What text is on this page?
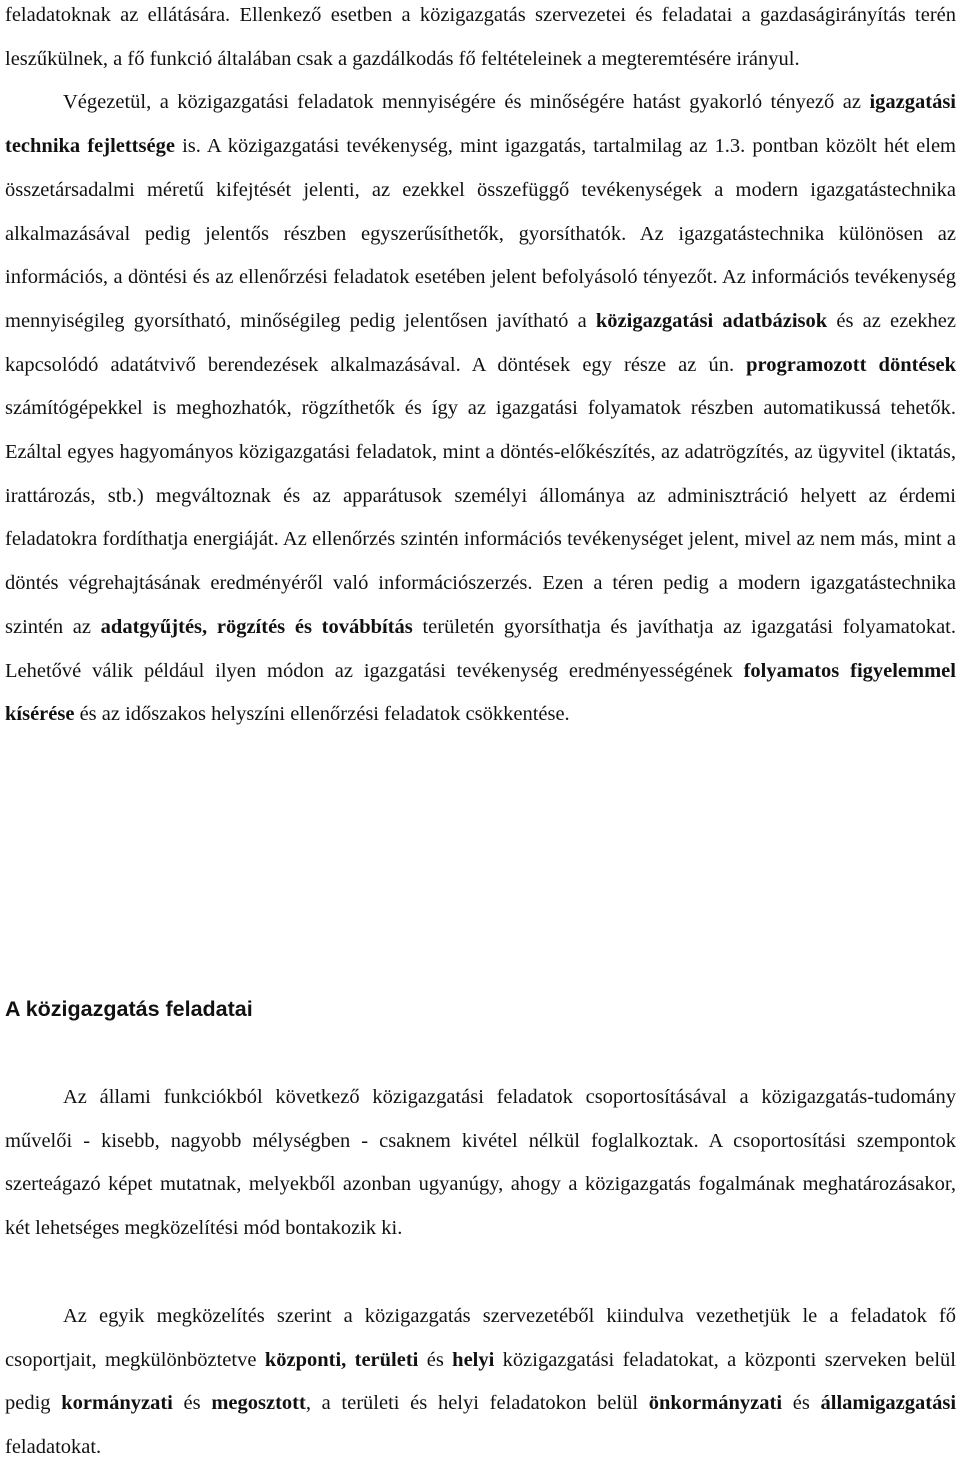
feladatoknak az ellátására. Ellenkező esetben a közigazgatás szervezetei és feladatai a gazdaságirányítás terén leszűkülnek, a fő funkció általában csak a gazdálkodás fő feltételeinek a megteremtésére irányul.

Végezetül, a közigazgatási feladatok mennyiségére és minőségére hatást gyakorló tényező az igazgatási technika fejlettsége is. A közigazgatási tevékenység, mint igazgatás, tartalmilag az 1.3. pontban közölt hét elem összetársadalmi méretű kifejtését jelenti, az ezekkel összefüggő tevékenységek a modern igazgatástechnika alkalmazásával pedig jelentős részben egyszerűsíthetők, gyorsíthatók. Az igazgatástechnika különösen az információs, a döntési és az ellenőrzési feladatok esetében jelent befolyásoló tényezőt. Az információs tevékenység mennyiségileg gyorsítható, minőségileg pedig jelentősen javítható a közigazgatási adatbázisok és az ezekhez kapcsolódó adatátvivő berendezések alkalmazásával. A döntések egy része az ún. programozott döntések számítógépekkel is meghozhatók, rögzíthetők és így az igazgatási folyamatok részben automatikussá tehetők. Ezáltal egyes hagyományos közigazgatási feladatok, mint a döntés-előkészítés, az adatrögzítés, az ügyvitel (iktatás, irattározás, stb.) megváltoznak és az apparátusok személyi állománya az adminisztráció helyett az érdemi feladatokra fordíthatja energiáját. Az ellenőrzés szintén információs tevékenységet jelent, mivel az nem más, mint a döntés végrehajtásának eredményéről való információszerzés. Ezen a téren pedig a modern igazgatástechnika szintén az adatgyűjtés, rögzítés és továbbítás területén gyorsíthatja és javíthatja az igazgatási folyamatokat. Lehetővé válik például ilyen módon az igazgatási tevékenység eredményességének folyamatos figyelemmel kísérése és az időszakos helyszíni ellenőrzési feladatok csökkentése.

A közigazgatás feladatai

Az állami funkciókból következő közigazgatási feladatok csoportosításával a közigazgatás-tudomány művelői - kisebb, nagyobb mélységben - csaknem kivétel nélkül foglalkoztak. A csoportosítási szempontok szerteágazó képet mutatnak, melyekből azonban ugyanúgy, ahogy a közigazgatás fogalmának meghatározásakor, két lehetséges megközelítési mód bontakozik ki.

Az egyik megközelítés szerint a közigazgatás szervezetéből kiindulva vezethetjük le a feladatok fő csoportjait, megkülönböztetve központi, területi és helyi közigazgatási feladatokat, a központi szerveken belül pedig kormányzati és megosztott, a területi és helyi feladatokon belül önkormányzati és államigazgatási feladatokat.
